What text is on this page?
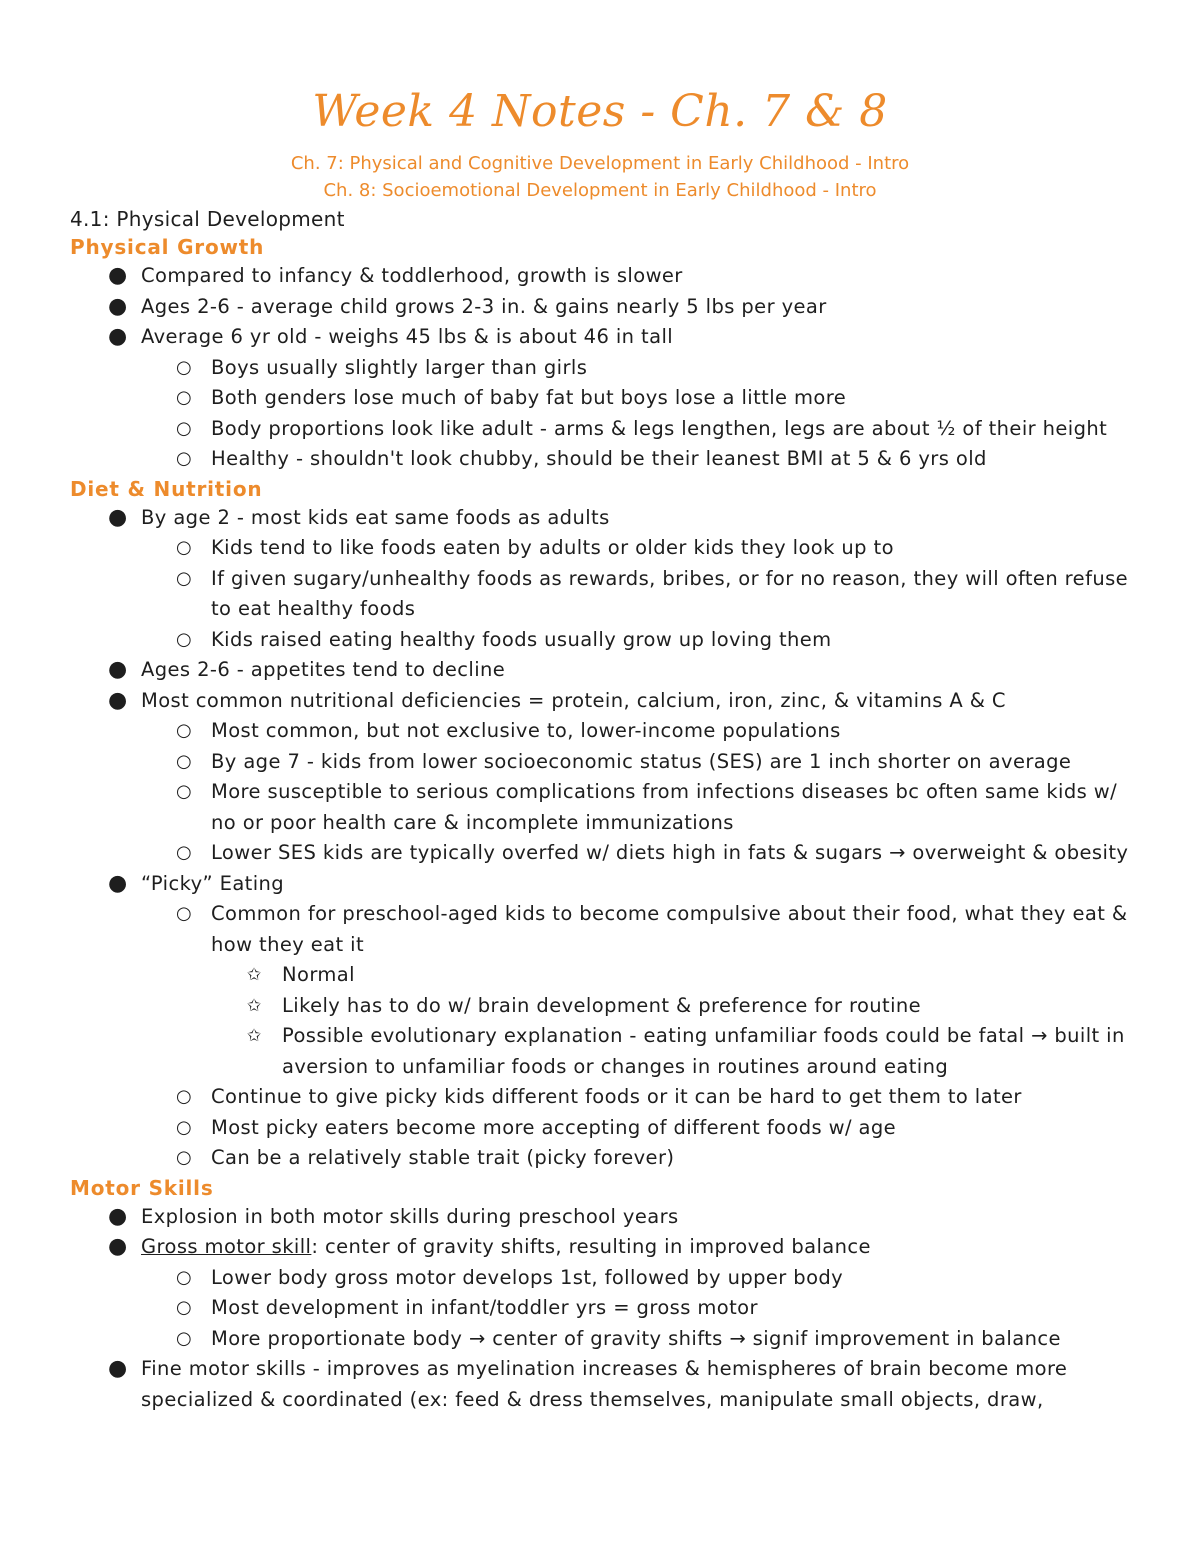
Week 4 Notes - Ch. 7 & 8
Ch. 7: Physical and Cognitive Development in Early Childhood - Intro
Ch. 8: Socioemotional Development in Early Childhood - Intro
4.1: Physical Development
Physical Growth
● Compared to infancy & toddlerhood, growth is slower
● Ages 2-6 - average child grows 2-3 in. & gains nearly 5 lbs per year
● Average 6 yr old - weighs 45 lbs & is about 46 in tall
○ Boys usually slightly larger than girls
○ Both genders lose much of baby fat but boys lose a little more
○ Body proportions look like adult - arms & legs lengthen, legs are about ½ of their height
○ Healthy - shouldn't look chubby, should be their leanest BMI at 5 & 6 yrs old
Diet & Nutrition
● By age 2 - most kids eat same foods as adults
○ Kids tend to like foods eaten by adults or older kids they look up to
○ If given sugary/unhealthy foods as rewards, bribes, or for no reason, they will often refuse to eat healthy foods
○ Kids raised eating healthy foods usually grow up loving them
● Ages 2-6 - appetites tend to decline
● Most common nutritional deficiencies = protein, calcium, iron, zinc, & vitamins A & C
○ Most common, but not exclusive to, lower-income populations
○ By age 7 - kids from lower socioeconomic status (SES) are 1 inch shorter on average
○ More susceptible to serious complications from infections diseases bc often same kids w/ no or poor health care & incomplete immunizations
○ Lower SES kids are typically overfed w/ diets high in fats & sugars → overweight & obesity
● “Picky” Eating
○ Common for preschool-aged kids to become compulsive about their food, what they eat & how they eat it
✩ Normal
✩ Likely has to do w/ brain development & preference for routine
✩ Possible evolutionary explanation - eating unfamiliar foods could be fatal → built in aversion to unfamiliar foods or changes in routines around eating
○ Continue to give picky kids different foods or it can be hard to get them to later
○ Most picky eaters become more accepting of different foods w/ age
○ Can be a relatively stable trait (picky forever)
Motor Skills
● Explosion in both motor skills during preschool years
● Gross motor skill: center of gravity shifts, resulting in improved balance
○ Lower body gross motor develops 1st, followed by upper body
○ Most development in infant/toddler yrs = gross motor
○ More proportionate body → center of gravity shifts → signif improvement in balance
● Fine motor skills - improves as myelination increases & hemispheres of brain become more specialized & coordinated (ex: feed & dress themselves, manipulate small objects, draw,
